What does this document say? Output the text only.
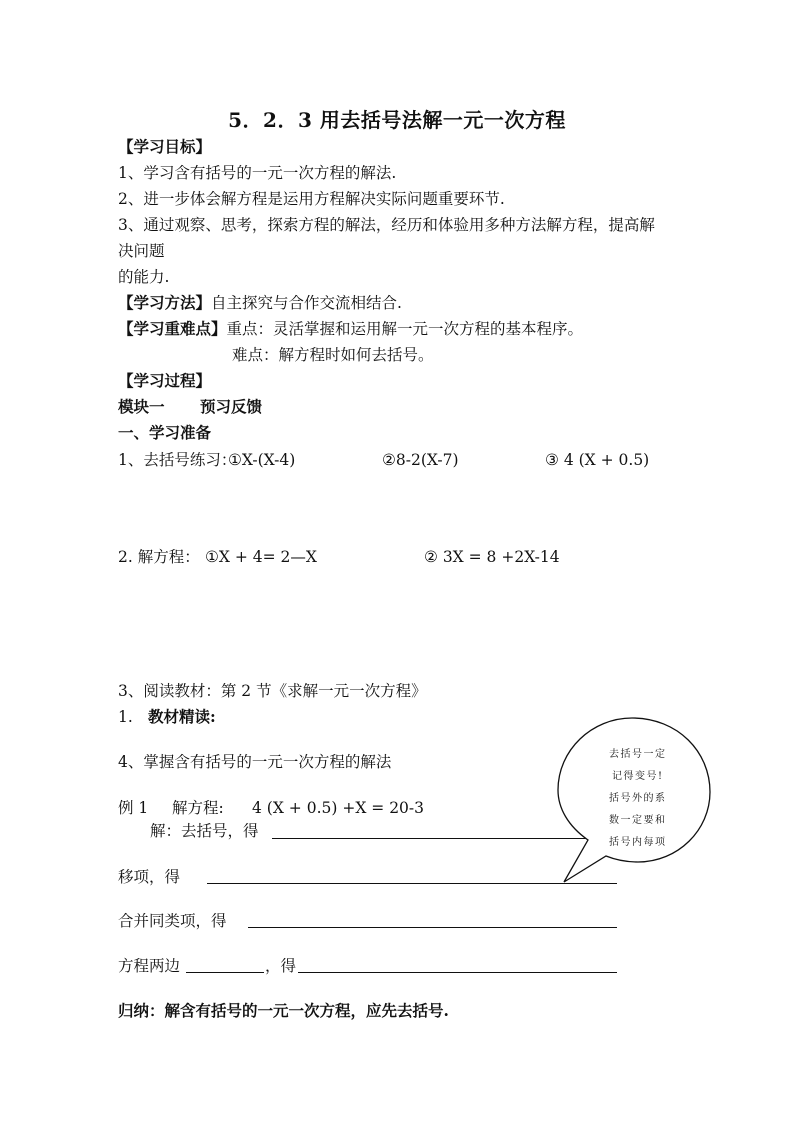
5．2．3 用去括号法解一元一次方程
【学习目标】
1、学习含有括号的一元一次方程的解法.
2、进一步体会解方程是运用方程解决实际问题重要环节.
3、通过观察、思考，探索方程的解法，经历和体验用多种方法解方程，提高解
决问题
的能力.
【学习方法】自主探究与合作交流相结合.
【学习重难点】重点：灵活掌握和运用解一元一次方程的基本程序。
难点：解方程时如何去括号。
【学习过程】
模块一 预习反馈
一、学习准备
1、去括号练习：
①X-(X-4)	②8-2(X-7)	③ 4 (X + 0.5)
2. 解方程： ①X + 4= 2—X	② 3X = 8 +2X-14
3、阅读教材：第 2 节《求解一元一次方程》
1. 教材精读:
4、掌握含有括号的一元一次方程的解法
例 1 解方程: 4 (X + 0.5) +X = 20-3
解：去括号，得
移项，得
合并同类项，得
方程两边	，得
归纳：解含有括号的一元一次方程，应先去括号.
去括号一定
记得变号!
括号外的系
数一定要和
括号内每项
